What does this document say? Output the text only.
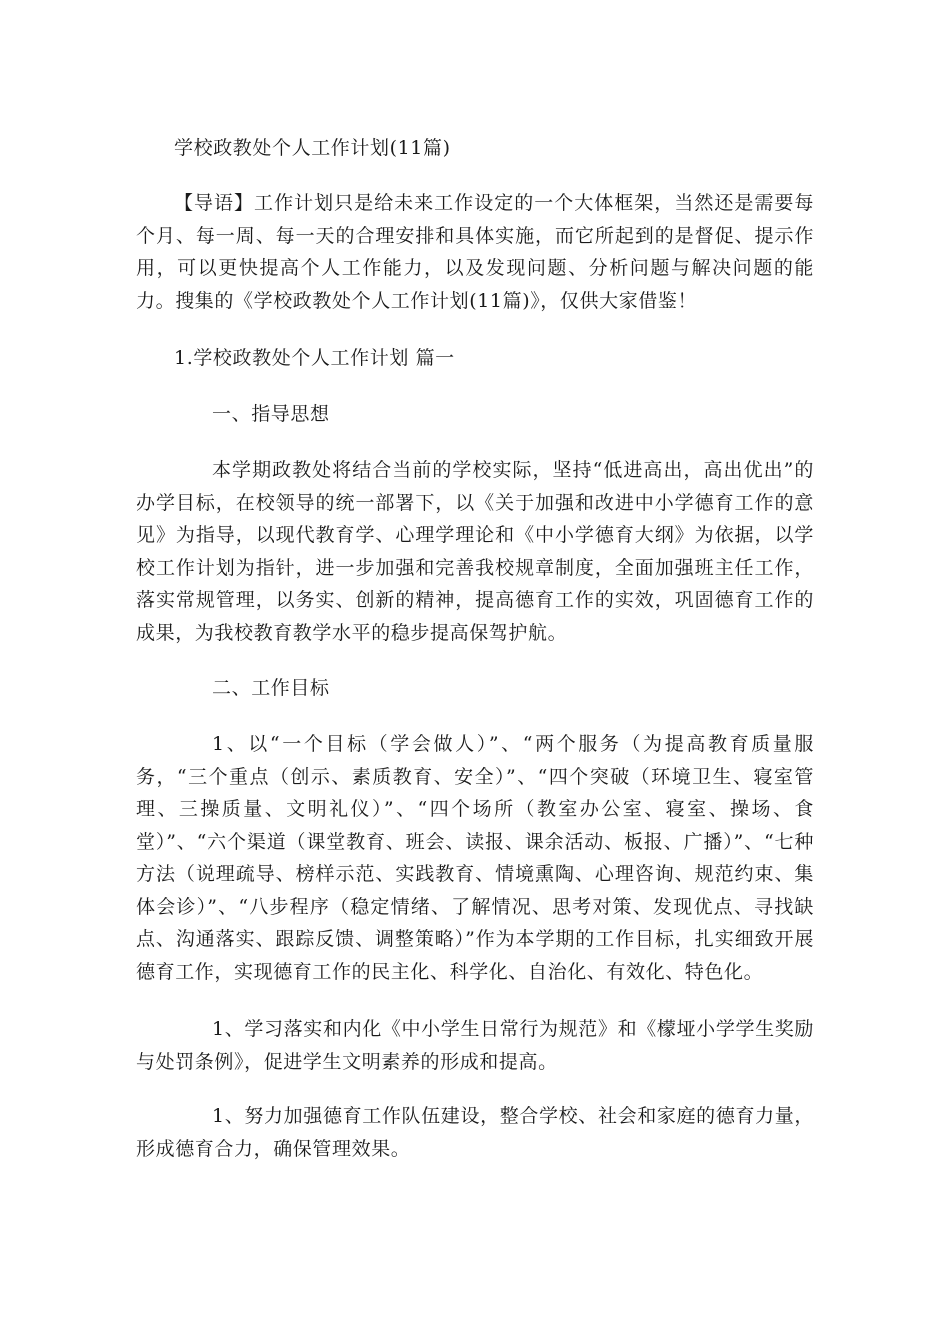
学校政教处个人工作计划(11篇)

【导语】工作计划只是给未来工作设定的一个大体框架，当然还是需要每个月、每一周、每一天的合理安排和具体实施，而它所起到的是督促、提示作用，可以更快提高个人工作能力，以及发现问题、分析问题与解决问题的能力。搜集的《学校政教处个人工作计划(11篇)》，仅供大家借鉴！

1.学校政教处个人工作计划 篇一
一、指导思想

本学期政教处将结合当前的学校实际，坚持“低进高出，高出优出”的办学目标，在校领导的统一部署下，以《关于加强和改进中小学德育工作的意见》为指导，以现代教育学、心理学理论和《中小学德育大纲》为依据，以学校工作计划为指针，进一步加强和完善我校规章制度，全面加强班主任工作，落实常规管理，以务实、创新的精神，提高德育工作的实效，巩固德育工作的成果，为我校教育教学水平的稳步提高保驾护航。

二、工作目标

1、以“一个目标（学会做人）”、“两个服务（为提高教育质量服务，“三个重点（创示、素质教育、安全）”、“四个突破（环境卫生、寝室管理、三操质量、文明礼仪）”、“四个场所（教室办公室、寝室、操场、食堂）”、“六个渠道（课堂教育、班会、读报、课余活动、板报、广播）”、“七种方法（说理疏导、榜样示范、实践教育、情境熏陶、心理咨询、规范约束、集体会诊）”、“八步程序（稳定情绪、了解情况、思考对策、发现优点、寻找缺点、沟通落实、跟踪反馈、调整策略）”作为本学期的工作目标，扎实细致开展德育工作，实现德育工作的民主化、科学化、自治化、有效化、特色化。

1、学习落实和内化《中小学生日常行为规范》和《檬垭小学学生奖励与处罚条例》，促进学生文明素养的形成和提高。

1、努力加强德育工作队伍建设，整合学校、社会和家庭的德育力量，形成德育合力，确保管理效果。
